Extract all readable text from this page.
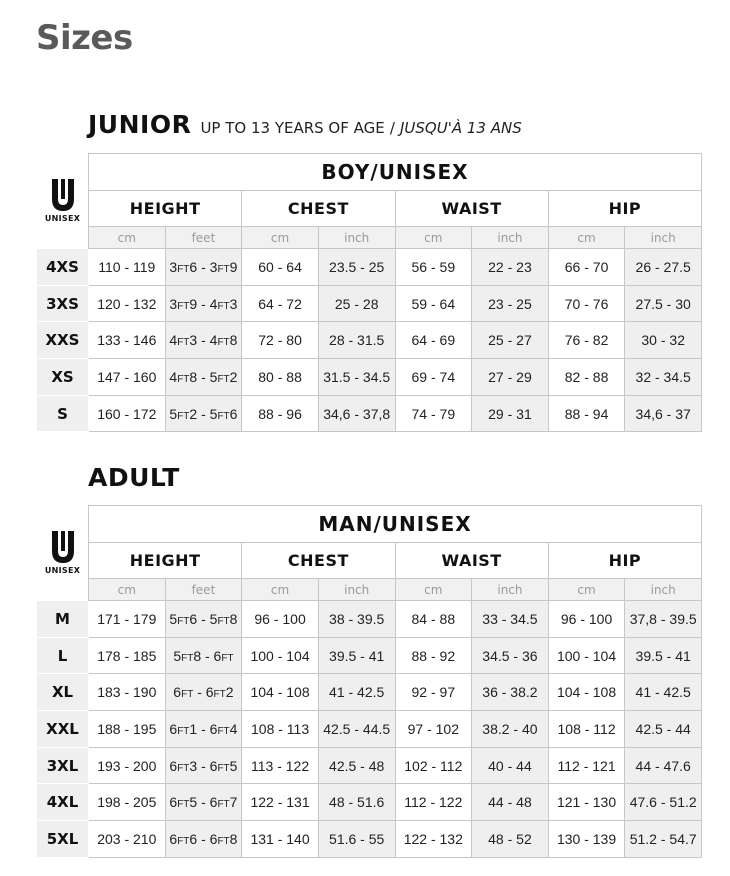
Sizes
JUNIOR UP TO 13 YEARS OF AGE / JUSQU'À 13 ANS
UNISEX	BOY/UNISEX							
	HEIGHT		CHEST		WAIST		HIP	
	cm	feet	cm	inch	cm	inch	cm	inch
4XS	110 - 119	3FT6 - 3FT9	60 - 64	23.5 - 25	56 - 59	22 - 23	66 - 70	26 - 27.5
3XS	120 - 132	3FT9 - 4FT3	64 - 72	25 - 28	59 - 64	23 - 25	70 - 76	27.5 - 30
XXS	133 - 146	4FT3 - 4FT8	72 - 80	28 - 31.5	64 - 69	25 - 27	76 - 82	30 - 32
XS	147 - 160	4FT8 - 5FT2	80 - 88	31.5 - 34.5	69 - 74	27 - 29	82 - 88	32 - 34.5
S	160 - 172	5FT2 - 5FT6	88 - 96	34,6 - 37,8	74 - 79	29 - 31	88 - 94	34,6 - 37
ADULT
UNISEX	MAN/UNISEX							
	HEIGHT		CHEST		WAIST		HIP	
	cm	feet	cm	inch	cm	inch	cm	inch
M	171 - 179	5FT6 - 5FT8	96 - 100	38 - 39.5	84 - 88	33 - 34.5	96 - 100	37,8 - 39.5
L	178 - 185	5FT8 - 6FT	100 - 104	39.5 - 41	88 - 92	34.5 - 36	100 - 104	39.5 - 41
XL	183 - 190	6FT - 6FT2	104 - 108	41 - 42.5	92 - 97	36 - 38.2	104 - 108	41 - 42.5
XXL	188 - 195	6FT1 - 6FT4	108 - 113	42.5 - 44.5	97 - 102	38.2 - 40	108 - 112	42.5 - 44
3XL	193 - 200	6FT3 - 6FT5	113 - 122	42.5 - 48	102 - 112	40 - 44	112 - 121	44 - 47.6
4XL	198 - 205	6FT5 - 6FT7	122 - 131	48 - 51.6	112 - 122	44 - 48	121 - 130	47.6 - 51.2
5XL	203 - 210	6FT6 - 6FT8	131 - 140	51.6 - 55	122 - 132	48 - 52	130 - 139	51.2 - 54.7
